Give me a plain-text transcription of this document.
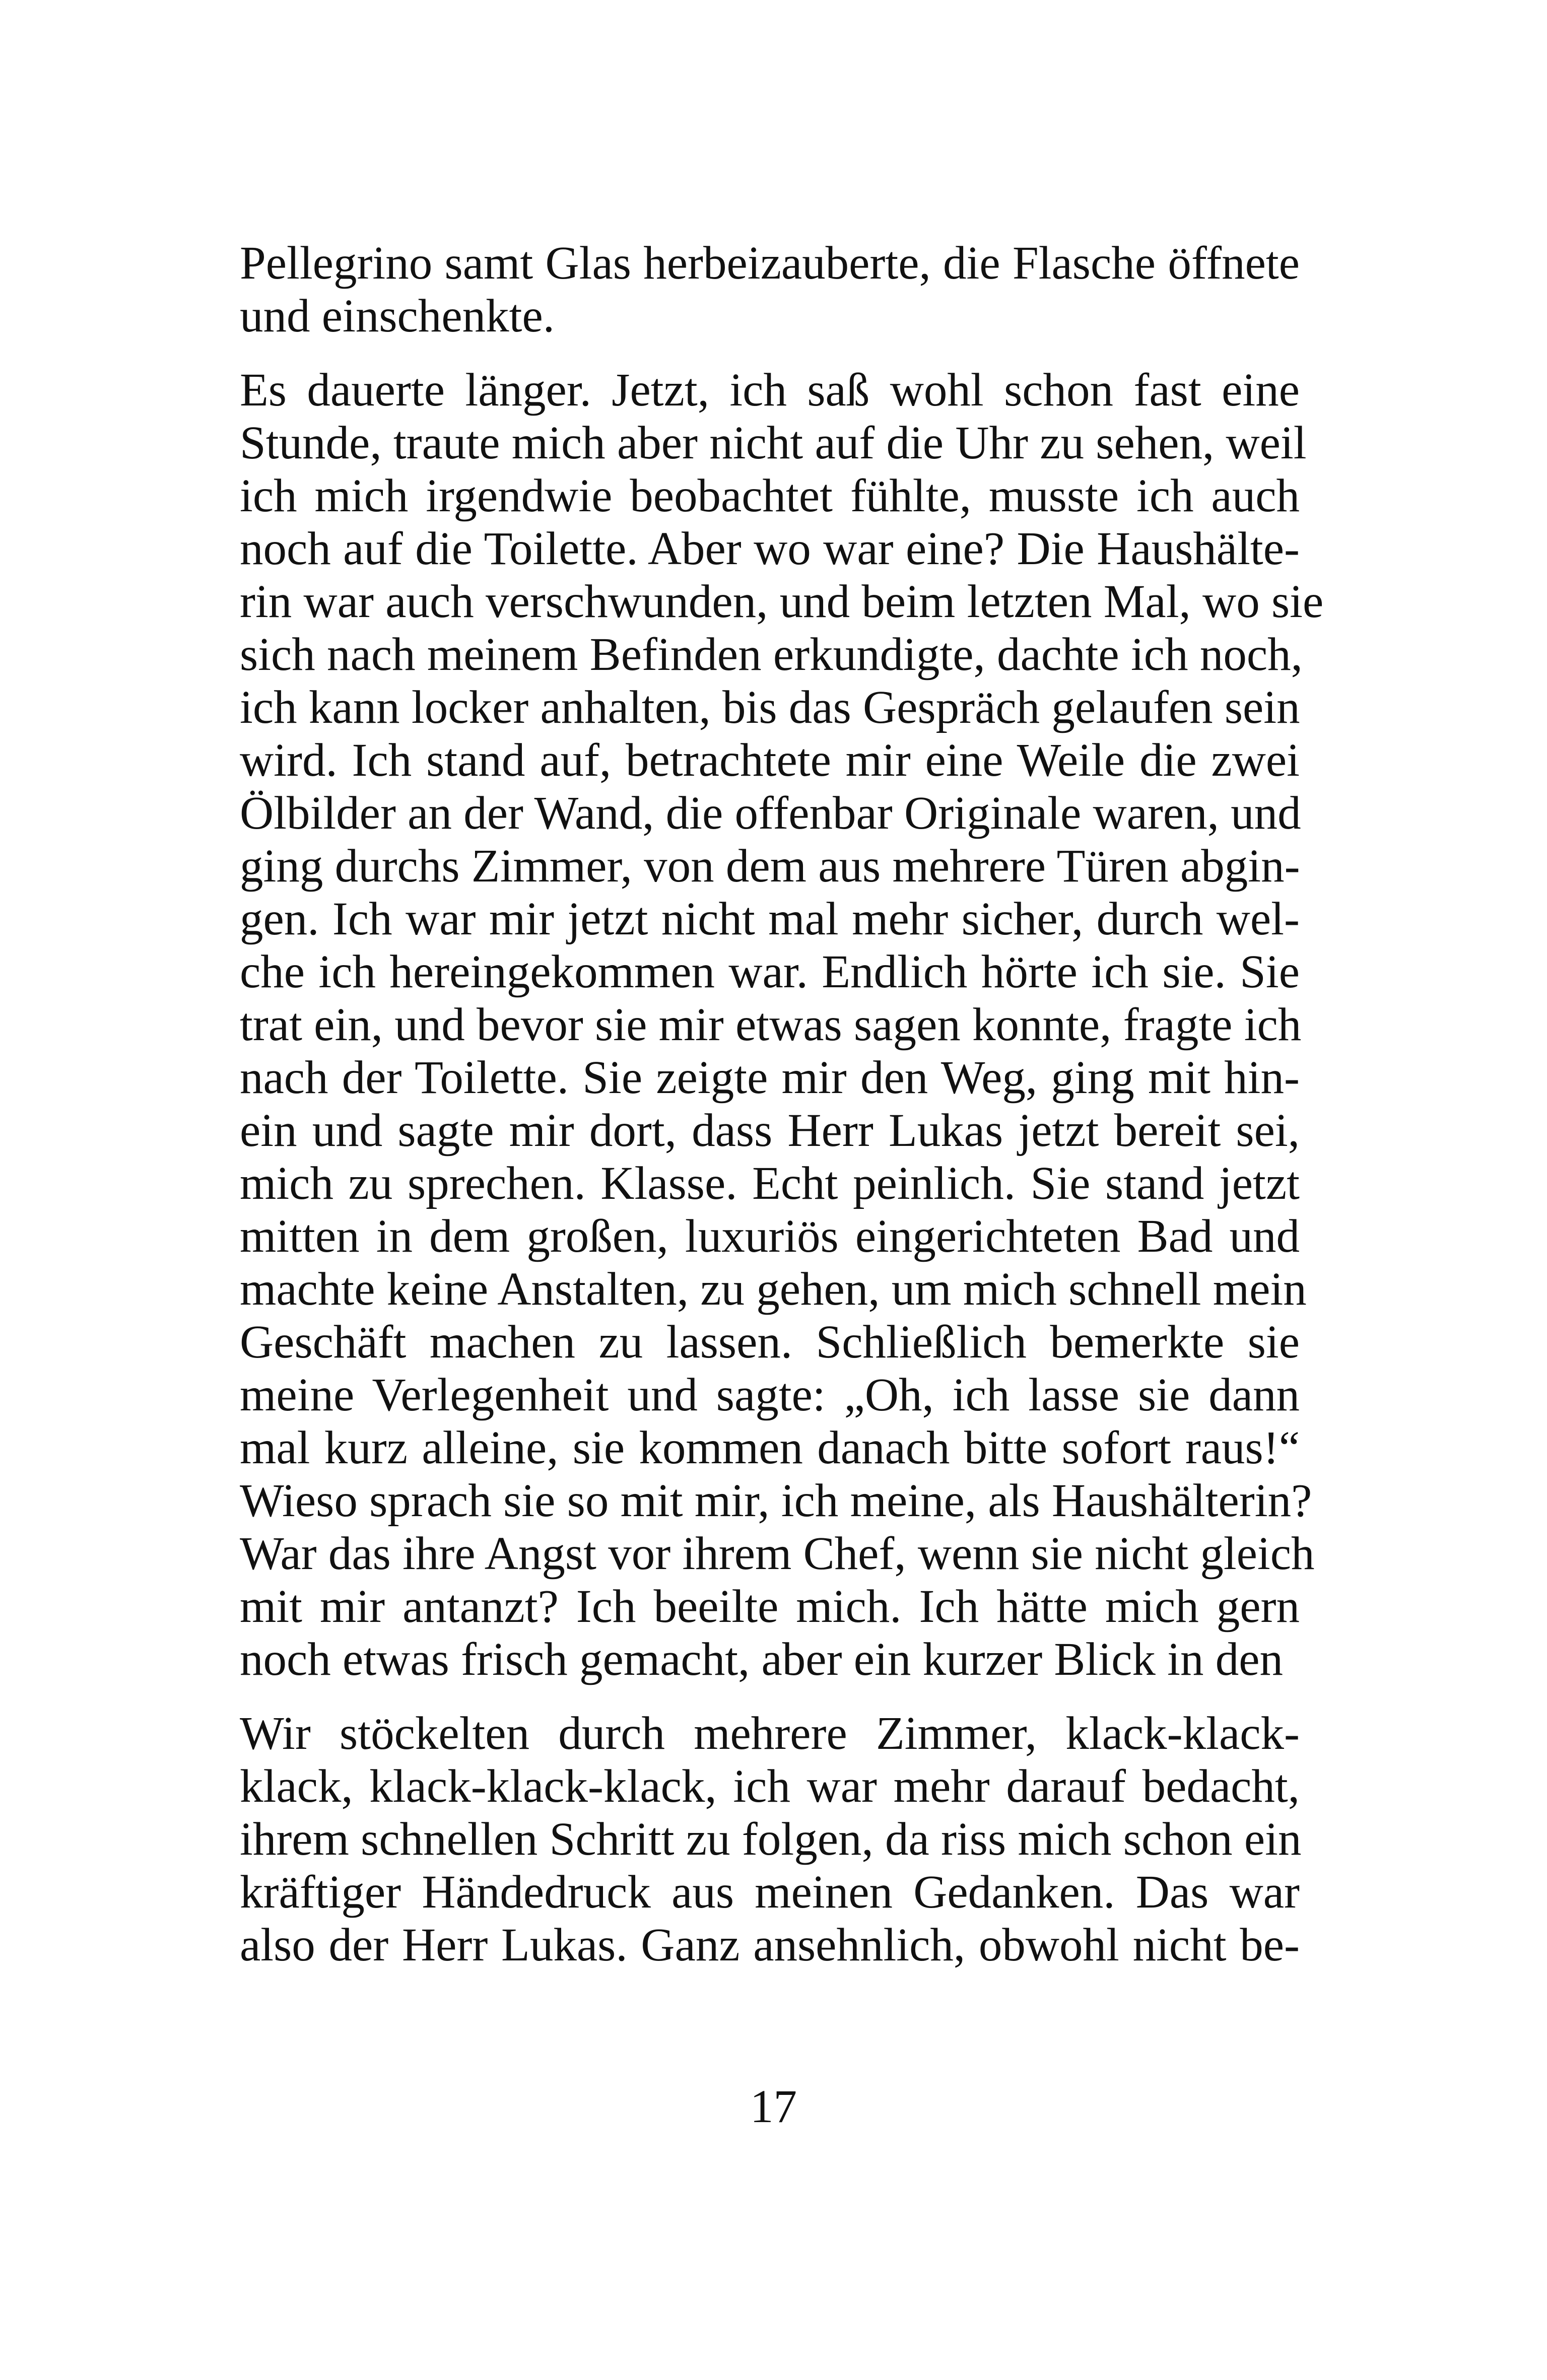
Pellegrino samt Glas herbeizauberte, die Flasche öffnete
und einschenkte.

Es dauerte länger. Jetzt, ich saß wohl schon fast eine
Stunde, traute mich aber nicht auf die Uhr zu sehen, weil
ich mich irgendwie beobachtet fühlte, musste ich auch
noch auf die Toilette. Aber wo war eine? Die Haushälte-
rin war auch verschwunden, und beim letzten Mal, wo sie
sich nach meinem Befinden erkundigte, dachte ich noch,
ich kann locker anhalten, bis das Gespräch gelaufen sein
wird. Ich stand auf, betrachtete mir eine Weile die zwei
Ölbilder an der Wand, die offenbar Originale waren, und
ging durchs Zimmer, von dem aus mehrere Türen abgin-
gen. Ich war mir jetzt nicht mal mehr sicher, durch wel-
che ich hereingekommen war. Endlich hörte ich sie. Sie
trat ein, und bevor sie mir etwas sagen konnte, fragte ich
nach der Toilette. Sie zeigte mir den Weg, ging mit hin-
ein und sagte mir dort, dass Herr Lukas jetzt bereit sei,
mich zu sprechen. Klasse. Echt peinlich. Sie stand jetzt
mitten in dem großen, luxuriös eingerichteten Bad und
machte keine Anstalten, zu gehen, um mich schnell mein
Geschäft machen zu lassen. Schließlich bemerkte sie
meine Verlegenheit und sagte: „Oh, ich lasse sie dann
mal kurz alleine, sie kommen danach bitte sofort raus!“
Wieso sprach sie so mit mir, ich meine, als Haushälterin?
War das ihre Angst vor ihrem Chef, wenn sie nicht gleich
mit mir antanzt? Ich beeilte mich. Ich hätte mich gern
noch etwas frisch gemacht, aber ein kurzer Blick in den

Wir stöckelten durch mehrere Zimmer, klack-klack-
klack, klack-klack-klack, ich war mehr darauf bedacht,
ihrem schnellen Schritt zu folgen, da riss mich schon ein
kräftiger Händedruck aus meinen Gedanken. Das war
also der Herr Lukas. Ganz ansehnlich, obwohl nicht be-

17
